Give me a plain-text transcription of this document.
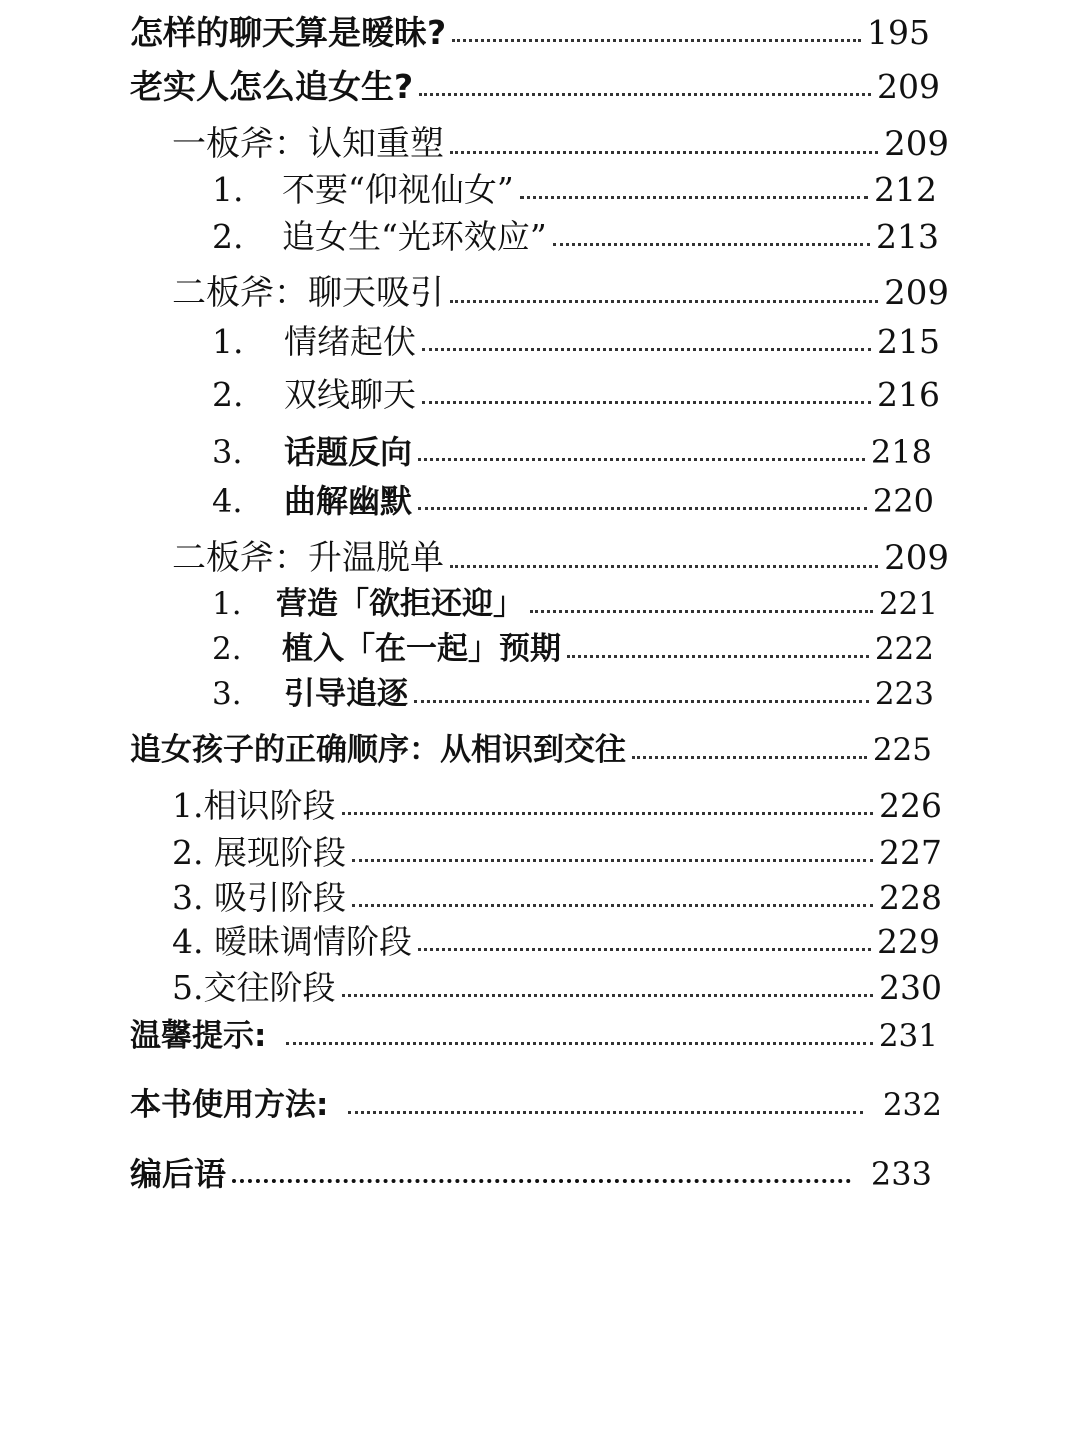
怎样的聊天算是暧昧?	195
老实人怎么追女生?	209
一板斧：认知重塑	209
1.	不要“仰视仙女”	212
2.	追女生“光环效应”	213
二板斧：聊天吸引	209
1.	情绪起伏	215
2.	双线聊天	216
3.	话题反向	218
4.	曲解幽默	220
二板斧：升温脱单	209
1.	营造「欲拒还迎」	221
2.	植入「在一起」预期	222
3.	引导追逐	223
追女孩子的正确顺序：从相识到交往	225
1.相识阶段	226
2. 展现阶段	227
3. 吸引阶段	228
4. 暧昧调情阶段	229
5.交往阶段	230
温馨提示:	231
本书使用方法:	232
编后语	233
